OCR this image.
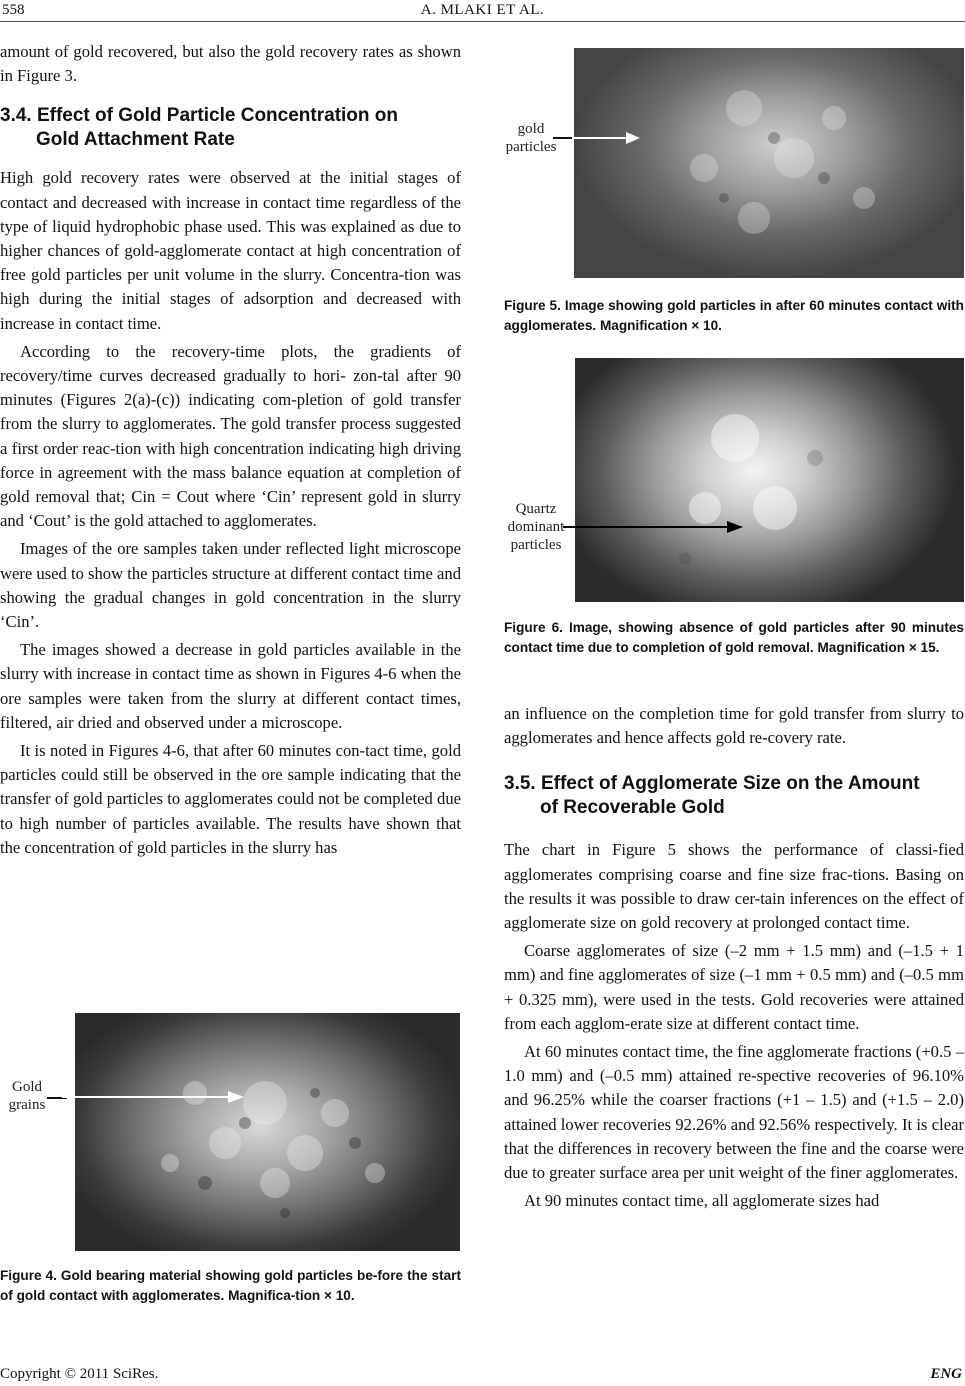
558	A. MLAKI ET AL.

amount of gold recovered, but also the gold recovery rates as shown in Figure 3.

3.4. Effect of Gold Particle Concentration on
Gold Attachment Rate

High gold recovery rates were observed at the initial stages of contact and decreased with increase in contact time regardless of the type of liquid hydrophobic phase used. This was explained as due to higher chances of gold-agglomerate contact at high concentration of free gold particles per unit volume in the slurry. Concentra-tion was high during the initial stages of adsorption and decreased with increase in contact time.

According to the recovery-time plots, the gradients of recovery/time curves decreased gradually to hori- zon-tal after 90 minutes (Figures 2(a)-(c)) indicating com-pletion of gold transfer from the slurry to agglomerates. The gold transfer process suggested a first order reac-tion with high concentration indicating high driving force in agreement with the mass balance equation at completion of gold removal that; Cin = Cout where ‘Cin’ represent gold in slurry and ‘Cout’ is the gold attached to agglomerates.

Images of the ore samples taken under reflected light microscope were used to show the particles structure at different contact time and showing the gradual changes in gold concentration in the slurry ‘Cin’.

The images showed a decrease in gold particles available in the slurry with increase in contact time as shown in Figures 4-6 when the ore samples were taken from the slurry at different contact times, filtered, air dried and observed under a microscope.

It is noted in Figures 4-6, that after 60 minutes con-tact time, gold particles could still be observed in the ore sample indicating that the transfer of gold particles to agglomerates could not be completed due to high number of particles available. The results have shown that the concentration of gold particles in the slurry has

Gold
grains
Figure 4. Gold bearing material showing gold particles be-fore the start of gold contact with agglomerates. Magnifica-tion × 10.
gold
particles
Figure 5. Image showing gold particles in after 60 minutes contact with agglomerates. Magnification × 10.
Quartz
dominant
particles
Figure 6. Image, showing absence of gold particles after 90 minutes contact time due to completion of gold removal. Magnification × 15.

an influence on the completion time for gold transfer from slurry to agglomerates and hence affects gold re-covery rate.

3.5. Effect of Agglomerate Size on the Amount
of Recoverable Gold

The chart in Figure 5 shows the performance of classi-fied agglomerates comprising coarse and fine size frac-tions. Basing on the results it was possible to draw cer-tain inferences on the effect of agglomerate size on gold recovery at prolonged contact time.

Coarse agglomerates of size (–2 mm + 1.5 mm) and (–1.5 + 1 mm) and fine agglomerates of size (–1 mm + 0.5 mm) and (–0.5 mm + 0.325 mm), were used in the tests. Gold recoveries were attained from each agglom-erate size at different contact time.

At 60 minutes contact time, the fine agglomerate fractions (+0.5 – 1.0 mm) and (–0.5 mm) attained re-spective recoveries of 96.10% and 96.25% while the coarser fractions (+1 – 1.5) and (+1.5 – 2.0) attained lower recoveries 92.26% and 92.56% respectively. It is clear that the differences in recovery between the fine and the coarse were due to greater surface area per unit weight of the finer agglomerates.

At 90 minutes contact time, all agglomerate sizes had

Copyright © 2011 SciRes.	ENG
